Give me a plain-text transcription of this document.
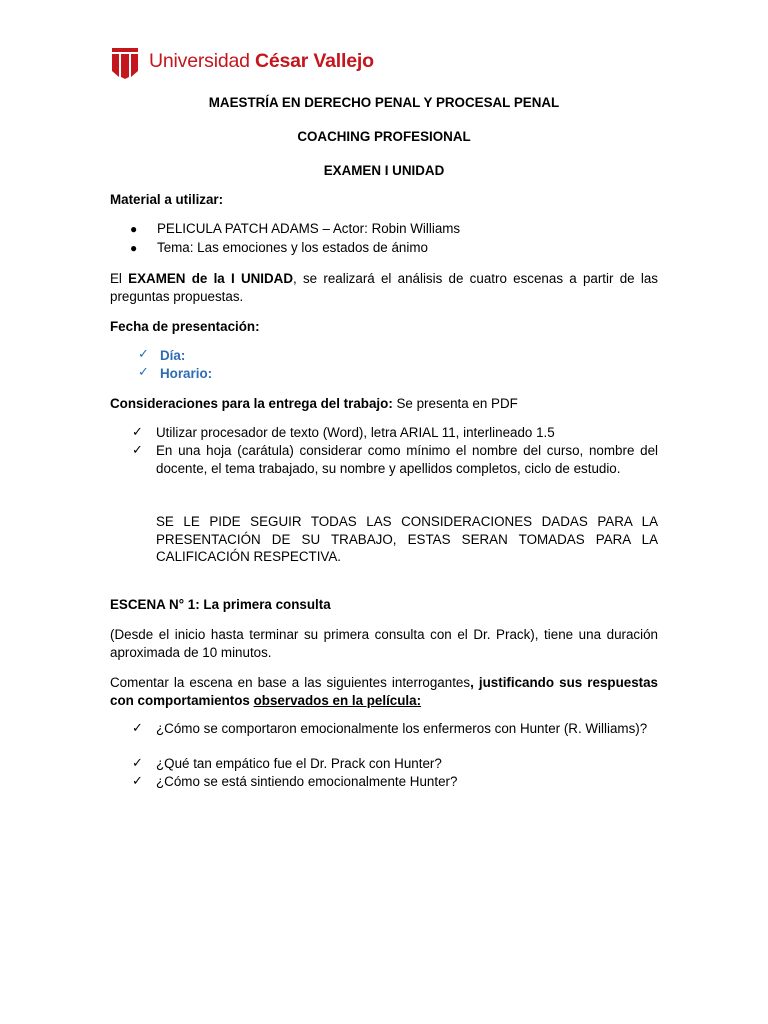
Universidad César Vallejo
MAESTRÍA EN DERECHO PENAL Y PROCESAL PENAL
COACHING PROFESIONAL
EXAMEN I UNIDAD
Material a utilizar:
● PELICULA PATCH ADAMS – Actor: Robin Williams
● Tema: Las emociones y los estados de ánimo
El EXAMEN de la I UNIDAD, se realizará el análisis de cuatro escenas a partir de las preguntas propuestas.
Fecha de presentación:
✓ Día:
✓ Horario:
Consideraciones para la entrega del trabajo: Se presenta en PDF
✓ Utilizar procesador de texto (Word), letra ARIAL 11, interlineado 1.5
✓ En una hoja (carátula) considerar como mínimo el nombre del curso, nombre del docente, el tema trabajado, su nombre y apellidos completos, ciclo de estudio.
SE LE PIDE SEGUIR TODAS LAS CONSIDERACIONES DADAS PARA LA PRESENTACIÓN DE SU TRABAJO, ESTAS SERAN TOMADAS PARA LA CALIFICACIÓN RESPECTIVA.
ESCENA N° 1: La primera consulta
(Desde el inicio hasta terminar su primera consulta con el Dr. Prack), tiene una duración aproximada de 10 minutos.
Comentar la escena en base a las siguientes interrogantes, justificando sus respuestas con comportamientos observados en la película:
✓ ¿Cómo se comportaron emocionalmente los enfermeros con Hunter (R. Williams)?
✓ ¿Qué tan empático fue el Dr. Prack con Hunter?
✓ ¿Cómo se está sintiendo emocionalmente Hunter?
